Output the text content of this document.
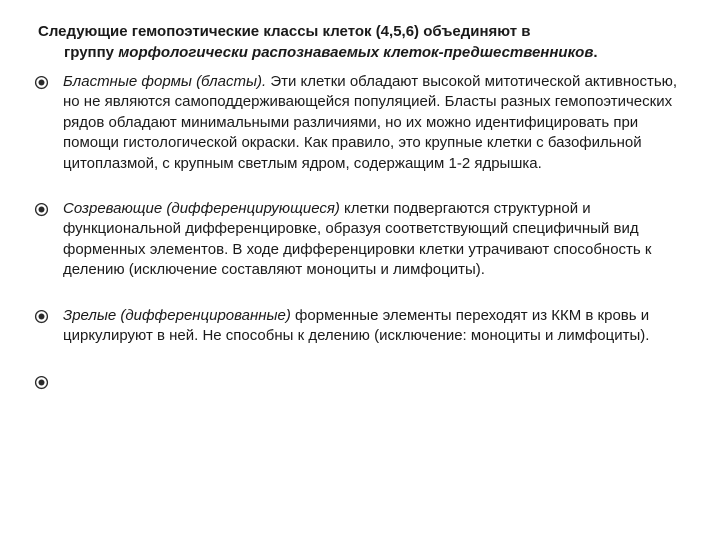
Следующие гемопоэтические классы клеток (4,5,6) объединяют в
группу морфологически распознаваемых клеток-предшественников.
Бластные формы (бласты). Эти клетки обладают высокой митотической активностью, но не являются самоподдерживающейся популяцией. Бласты разных гемопоэтических рядов обладают минимальными различиями, но их можно идентифицировать при помощи гистологической окраски. Как правило, это крупные клетки с базофильной цитоплазмой, с крупным светлым ядром, содержащим 1-2 ядрышка.
Созревающие (дифференцирующиеся) клетки подвергаются структурной и функциональной дифференцировке, образуя соответствующий специфичный вид форменных элементов. В ходе дифференцировки клетки утрачивают способность к делению (исключение составляют моноциты и лимфоциты).
Зрелые (дифференцированные) форменные элементы переходят из ККМ в кровь и циркулируют в ней. Не способны к делению (исключение: моноциты и лимфоциты).
